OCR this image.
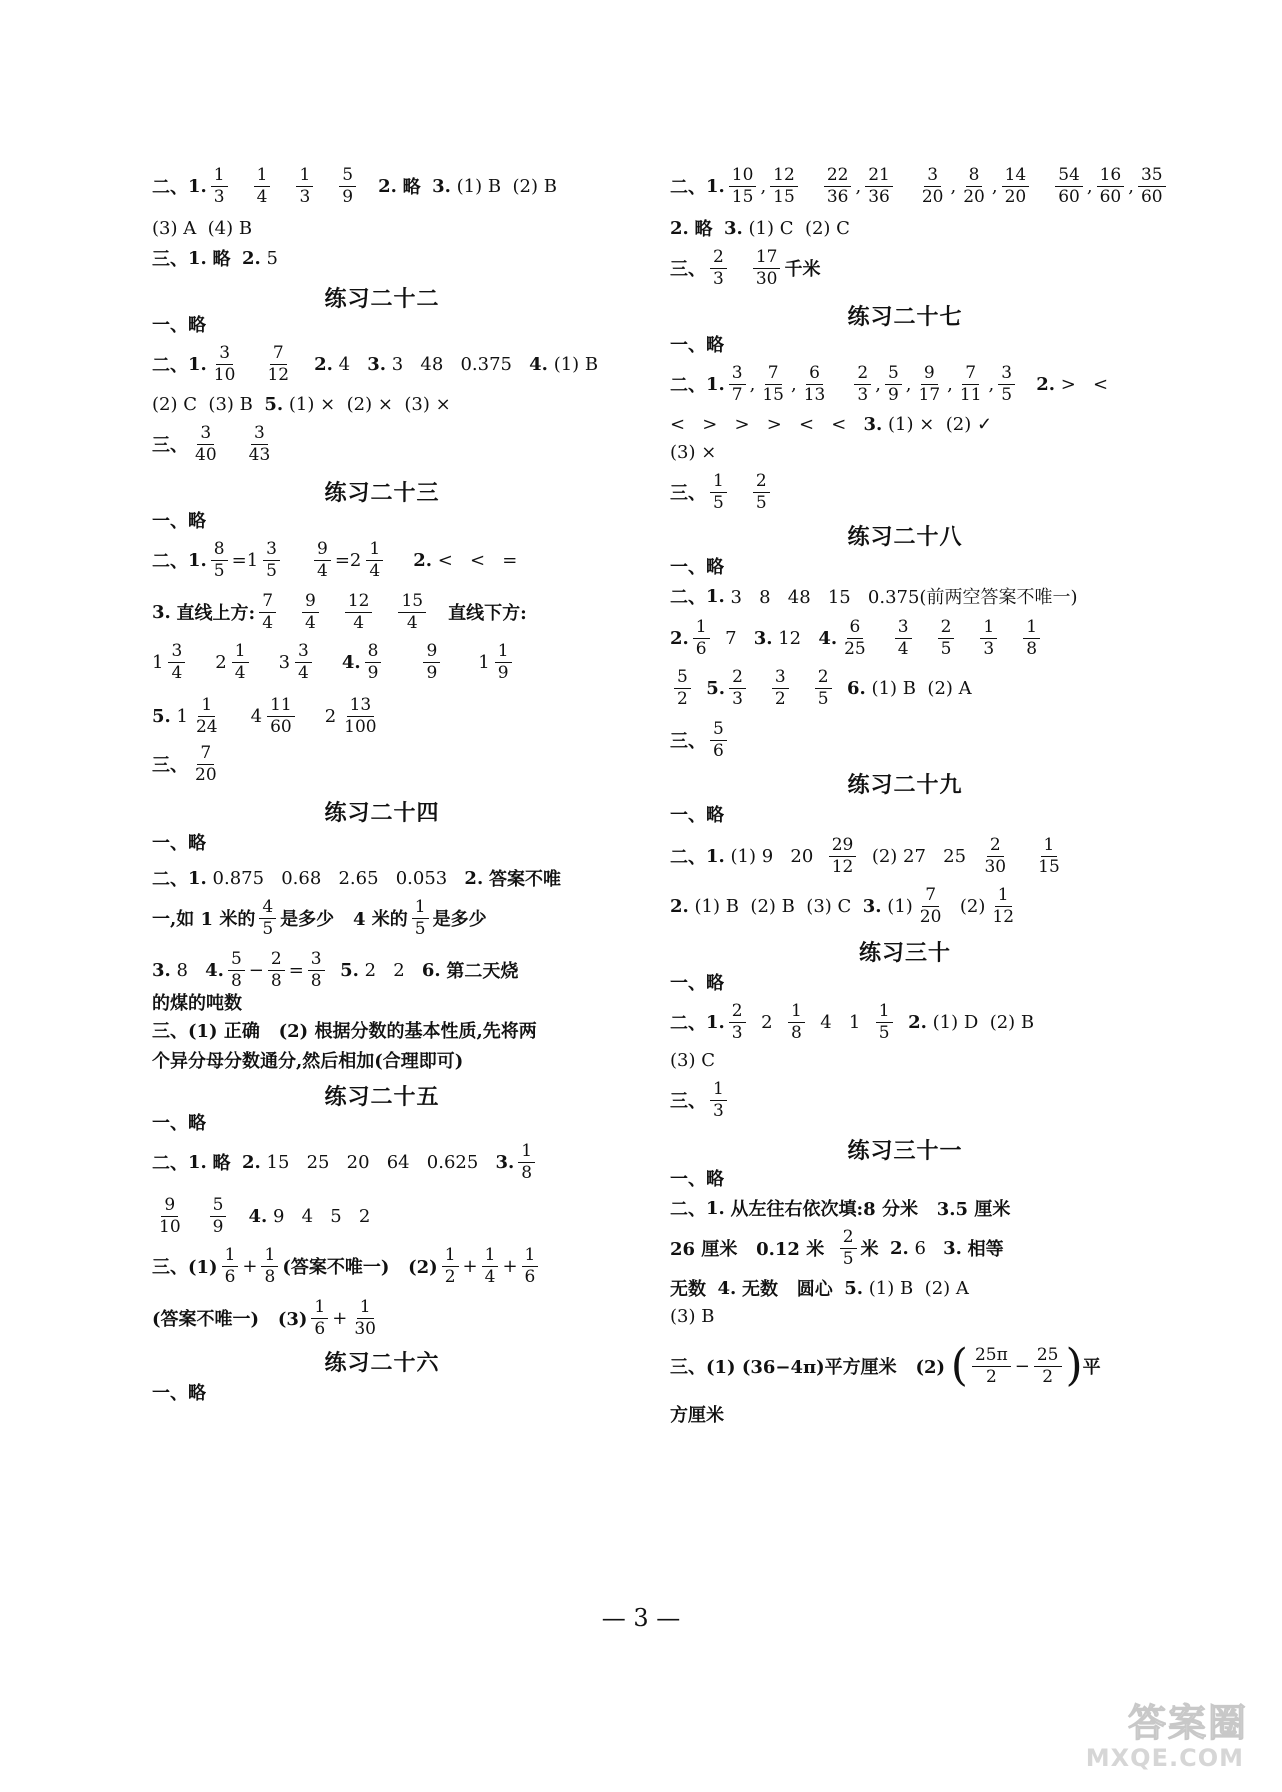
二、 1. $\frac{1}{3} \frac{1}{4} \frac{1}{3} \frac{5}{9} 2$.
略
3.
(1) B  (2) B
(3) A  (4) B
三、 1.
略
2.
5
练习二十二
一、略
二、 1. $\frac{3}{10} \frac{7}{12} 2$.
4
3.
3   48   0.375
4.
(1) B
(2) C  (3) B
5.
(1) ×  (2) ×  (3) ×
三、 $\frac{3}{40} \frac{3}{43}$
练习二十三
一、略
二、 1. $\frac{8}{5} = 1 \frac{3}{5} \frac{9}{4} = 2 \frac{1}{4} 2$.
<   <   =
3.
直线上方: $\frac{7}{4} \frac{9}{4} \frac{12}{4} \frac{15}{4}$ 直线下方:
$1 \frac{3}{4} 2 \frac{1}{4} 3 \frac{3}{4} 4$. $\frac{8}{9} \frac{9}{9} 1 \frac{1}{9}$
5.
$1 \frac{1}{24} 4 \frac{11}{60} 2 \frac{13}{100}$
三、 $\frac{7}{20}$
练习二十四
一、略
二、 1.
0.875   0.68   2.65   0.053
2.
答案不唯
一,如 1 米的 $\frac{4}{5}$ 是多少   4 米的 $\frac{1}{5}$ 是多少
3.
8
4. $\frac{5}{8} - \frac{2}{8} = \frac{3}{8}$
5.
2   2
6.
第二天烧
的煤的吨数
三、(1) 正确   (2) 根据分数的基本性质,先将两
个异分母分数通分,然后相加(合理即可)
练习二十五
一、略
二、 1.
略
2.
15   25   20   64   0.625
3. $\frac{1}{8}$
$\frac{9}{10} \frac{5}{9} 4$.
9   4   5   2
三、$(1) \frac{1}{6} + \frac{1}{8}$ (答案不唯一)   $(2) \frac{1}{2} + \frac{1}{4} + \frac{1}{6}$
(答案不唯一)   $(3) \frac{1}{6} + \frac{1}{30}$
练习二十六
一、略
二、 1. $\frac{10}{15}$ , $\frac{12}{15} \frac{22}{36}$ , $\frac{21}{36} \frac{3}{20}$ , $\frac{8}{20}$ , $\frac{14}{20} \frac{54}{60}$ , $\frac{16}{60}$ , $\frac{35}{60}$
2.
略
3.
(1) C  (2) C
三、 $\frac{2}{3} \frac{17}{30}$ 千米
练习二十七
一、略
二、 1. $\frac{3}{7}$ , $\frac{7}{15}$ , $\frac{6}{13} \frac{2}{3}$ , $\frac{5}{9}$ , $\frac{9}{17}$ , $\frac{7}{11}$ , $\frac{3}{5}$
2.
>   <
<   >   >   >   <   <
3.
(1) ×  (2) ✓
(3) ×
三、 $\frac{1}{5} \frac{2}{5}$
练习二十八
一、略
二、 1.
3   8   48   15   0.375(前两空答案不唯一)
2. $\frac{1}{6}$
7
3.
12
4. $\frac{6}{25} \frac{3}{4} \frac{2}{5} \frac{1}{3} \frac{1}{8}$
$\frac{5}{2}$
5. $\frac{2}{3} \frac{3}{2} \frac{2}{5}$
6.
(1) B  (2) A
三、 $\frac{5}{6}$
练习二十九
一、略
二、 1.
(1) 9   20
$\frac{29}{12}$
(2) 27   25
$\frac{2}{30} \frac{1}{15}$
2.
(1) B  (2) B  (3) C
3.
$(1) \frac{7}{20}$
$(2) \frac{1}{12}$
练习三十
一、略
二、 1. $\frac{2}{3}$
2
$\frac{1}{8}$
4   1
$\frac{1}{5}$
2.
(1) D  (2) B
(3) C
三、 $\frac{1}{3}$
练习三十一
一、略
二、 1.
从左往右依次填:8 分米   3.5 厘米
26 厘米   0.12 米
$\frac{2}{5}$ 米
2.
6
3.
相等
无数
4.
无数   圆心
5.
(1) B  (2) A
(3) B
三、(1) (36−4π)平方厘米   (2)
( $\frac{25\pi}{2} - \frac{25}{2}$ ) 平
方厘米
— 3 —
答案圈
MXQE.COM
